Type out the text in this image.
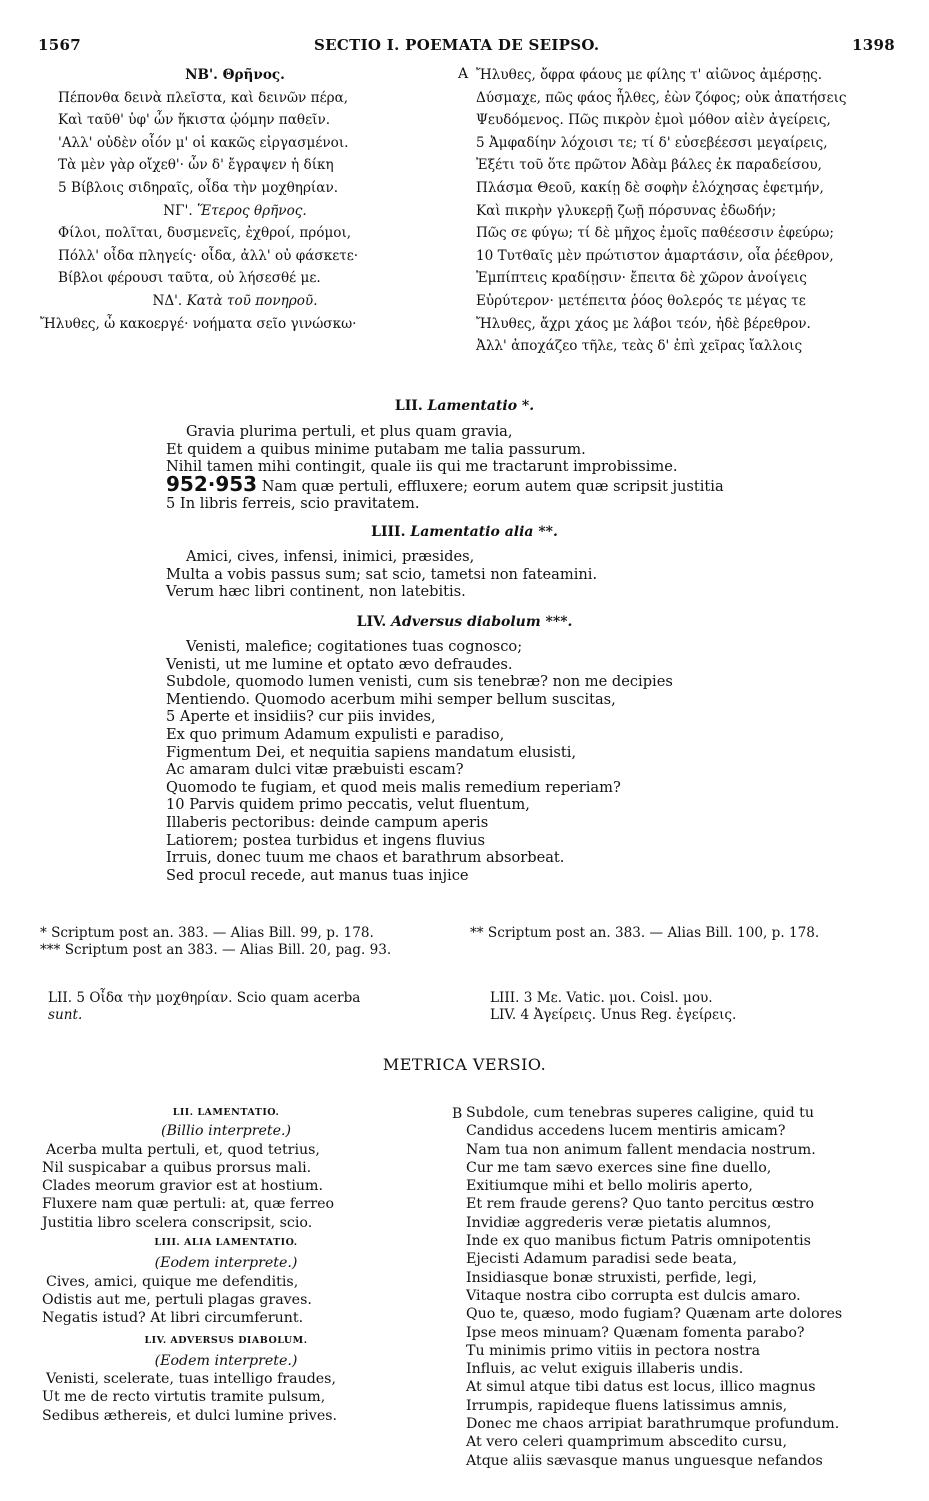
1567	SECTIO I. POEMATA DE SEIPSO.	1398
NB'. Θρῆνος.
Πέπονθα δεινὰ πλεῖστα, καὶ δεινῶν πέρα,
Καὶ ταῦθ' ὑφ' ὧν ἥκιστα ᾠόμην παθεῖν.
'Αλλ' οὐδὲν οἷόν μ' οἱ κακῶς εἰργασμένοι.
Τὰ μὲν γὰρ οἴχεθ'· ὧν δ' ἔγραψεν ἡ δίκη
5 Βίβλοις σιδηραῖς, οἶδα τὴν μοχθηρίαν.
ΝΓ'. Ἕτερος θρῆνος.
Φίλοι, πολῖται, δυσμενεῖς, ἐχθροί, πρόμοι,
Πόλλ' οἶδα πληγείς· οἶδα, ἀλλ' οὐ φάσκετε·
Βίβλοι φέρουσι ταῦτα, οὐ λήσεσθέ με.
ΝΔ'. Κατὰ τοῦ πονηροῦ.
Ἤλυθες, ὦ κακοεργέ· νοήματα σεῖο γινώσκω·
A Ἤλυθες, ὄφρα φάους με φίλης τ' αἰῶνος ἀμέρσῃς.
Δύσμαχε, πῶς φάος ἦλθες, ἐὼν ζόφος; οὐκ ἀπατήσεις
Ψευδόμενος. Πῶς πικρὸν ἐμοὶ μόθον αἰὲν ἀγείρεις,
5 Ἀμφαδίην λόχοισι τε; τί δ' εὐσεβέεσσι μεγαίρεις,
Ἐξέτι τοῦ ὅτε πρῶτον Ἀδὰμ βάλες ἐκ παραδείσου,
Πλάσμα Θεοῦ, κακίῃ δὲ σοφὴν ἐλόχησας ἐφετμήν,
Καὶ πικρὴν γλυκερῇ ζωῇ πόρσυνας ἐδωδήν;
Πῶς σε φύγω; τί δὲ μῆχος ἐμοῖς παθέεσσιν ἐφεύρω;
10 Τυτθαῖς μὲν πρώτιστον ἁμαρτάσιν, οἷα ῥέεθρον,
Ἐμπίπτεις κραδίῃσιν· ἔπειτα δὲ χῶρον ἀνοίγεις
Εὐρύτερον· μετέπειτα ῥόος θολερός τε μέγας τε
Ἤλυθες, ἄχρι χάος με λάβοι τεόν, ἠδὲ βέρεθρον.
Ἀλλ' ἀποχάζεο τῆλε, τεὰς δ' ἐπὶ χεῖρας ἴαλλοις
LII. Lamentatio *.
Gravia plurima pertuli, et plus quam gravia,
Et quidem a quibus minime putabam me talia passurum.
Nihil tamen mihi contingit, quale iis qui me tractarunt improbissime.
952·953 Nam quæ pertuli, effluxere; eorum autem quæ scripsit justitia
5 In libris ferreis, scio pravitatem.
LIII. Lamentatio alia **.
Amici, cives, infensi, inimici, præsides,
Multa a vobis passus sum; sat scio, tametsi non fateamini.
Verum hæc libri continent, non latebitis.
LIV. Adversus diabolum ***.
Venisti, malefice; cogitationes tuas cognosco;
Venisti, ut me lumine et optato ævo defraudes.
Subdole, quomodo lumen venisti, cum sis tenebræ? non me decipies
Mentiendo. Quomodo acerbum mihi semper bellum suscitas,
5 Aperte et insidiis? cur piis invides,
Ex quo primum Adamum expulisti e paradiso,
Figmentum Dei, et nequitia sapiens mandatum elusisti,
Ac amaram dulci vitæ præbuisti escam?
Quomodo te fugiam, et quod meis malis remedium reperiam?
10 Parvis quidem primo peccatis, velut fluentum,
Illaberis pectoribus: deinde campum aperis
Latiorem; postea turbidus et ingens fluvius
Irruis, donec tuum me chaos et barathrum absorbeat.
Sed procul recede, aut manus tuas injice
* Scriptum post an. 383. — Alias Bill. 99, p. 178.	** Scriptum post an. 383. — Alias Bill. 100, p. 178.
*** Scriptum post an 383. — Alias Bill. 20, pag. 93.
LII. 5 Οἶδα τὴν μοχθηρίαν. Scio quam acerba
sunt.
LIII. 3 Με. Vatic. μοι. Coisl. μου.
LIV. 4 Ἀγείρεις. Unus Reg. ἐγείρεις.
METRICA VERSIO.
LII. LAMENTATIO.
(Billio interprete.)
Acerba multa pertuli, et, quod tetrius,
Nil suspicabar a quibus prorsus mali.
Clades meorum gravior est at hostium.
Fluxere nam quæ pertuli: at, quæ ferreo
Justitia libro scelera conscripsit, scio.
LIII. ALIA LAMENTATIO.
(Eodem interprete.)
Cives, amici, quique me defenditis,
Odistis aut me, pertuli plagas graves.
Negatis istud? At libri circumferunt.
LIV. ADVERSUS DIABOLUM.
(Eodem interprete.)
Venisti, scelerate, tuas intelligo fraudes,
Ut me de recto virtutis tramite pulsum,
Sedibus æthereis, et dulci lumine prives.
B Subdole, cum tenebras superes caligine, quid tu
Candidus accedens lucem mentiris amicam?
Nam tua non animum fallent mendacia nostrum.
Cur me tam sævo exerces sine fine duello,
Exitiumque mihi et bello moliris aperto,
Et rem fraude gerens? Quo tanto percitus œstro
Invidiæ aggrederis veræ pietatis alumnos,
Inde ex quo manibus fictum Patris omnipotentis
Ejecisti Adamum paradisi sede beata,
Insidiasque bonæ struxisti, perfide, legi,
Vitaque nostra cibo corrupta est dulcis amaro.
Quo te, quæso, modo fugiam? Quænam arte dolores
Ipse meos minuam? Quænam fomenta parabo?
Tu minimis primo vitiis in pectora nostra
Influis, ac velut exiguis illaberis undis.
At simul atque tibi datus est locus, illico magnus
Irrumpis, rapideque fluens latissimus amnis,
Donec me chaos arripiat barathrumque profundum.
At vero celeri quamprimum abscedito cursu,
Atque aliis sævasque manus unguesque nefandos
